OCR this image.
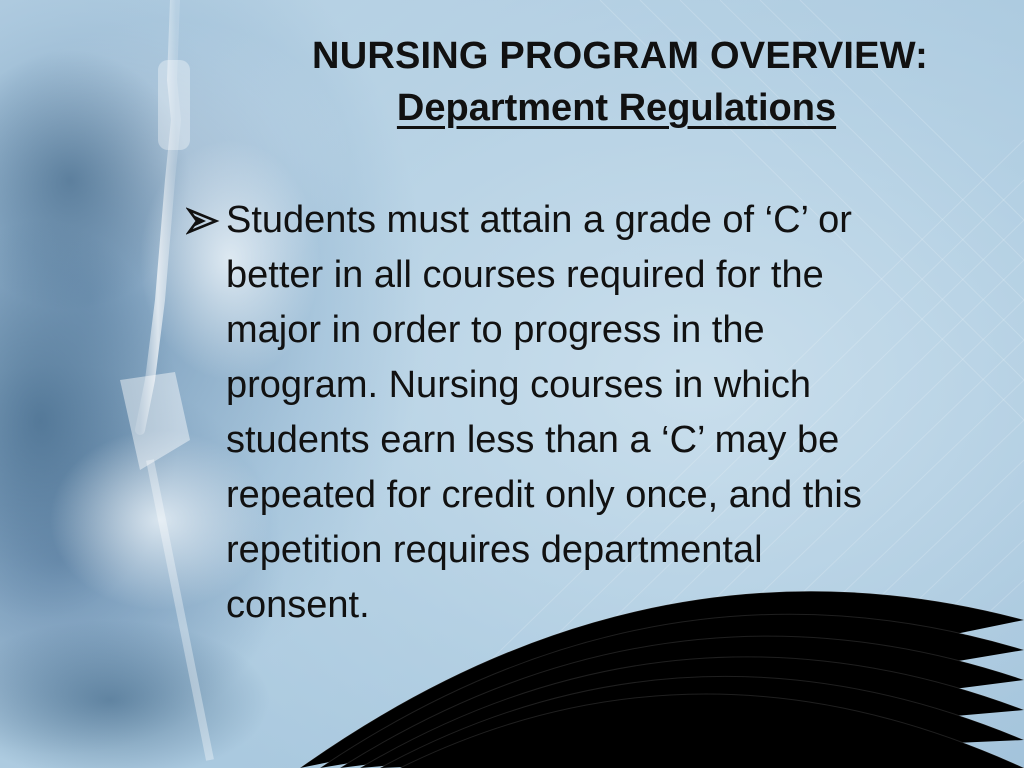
NURSING PROGRAM OVERVIEW:
Department Regulations
Students must attain a grade of ‘C’ or
better in all courses required for the
major in order to progress in the
program. Nursing courses in which
students earn less than a ‘C’ may be
repeated for credit only once, and this
repetition requires departmental
consent.
